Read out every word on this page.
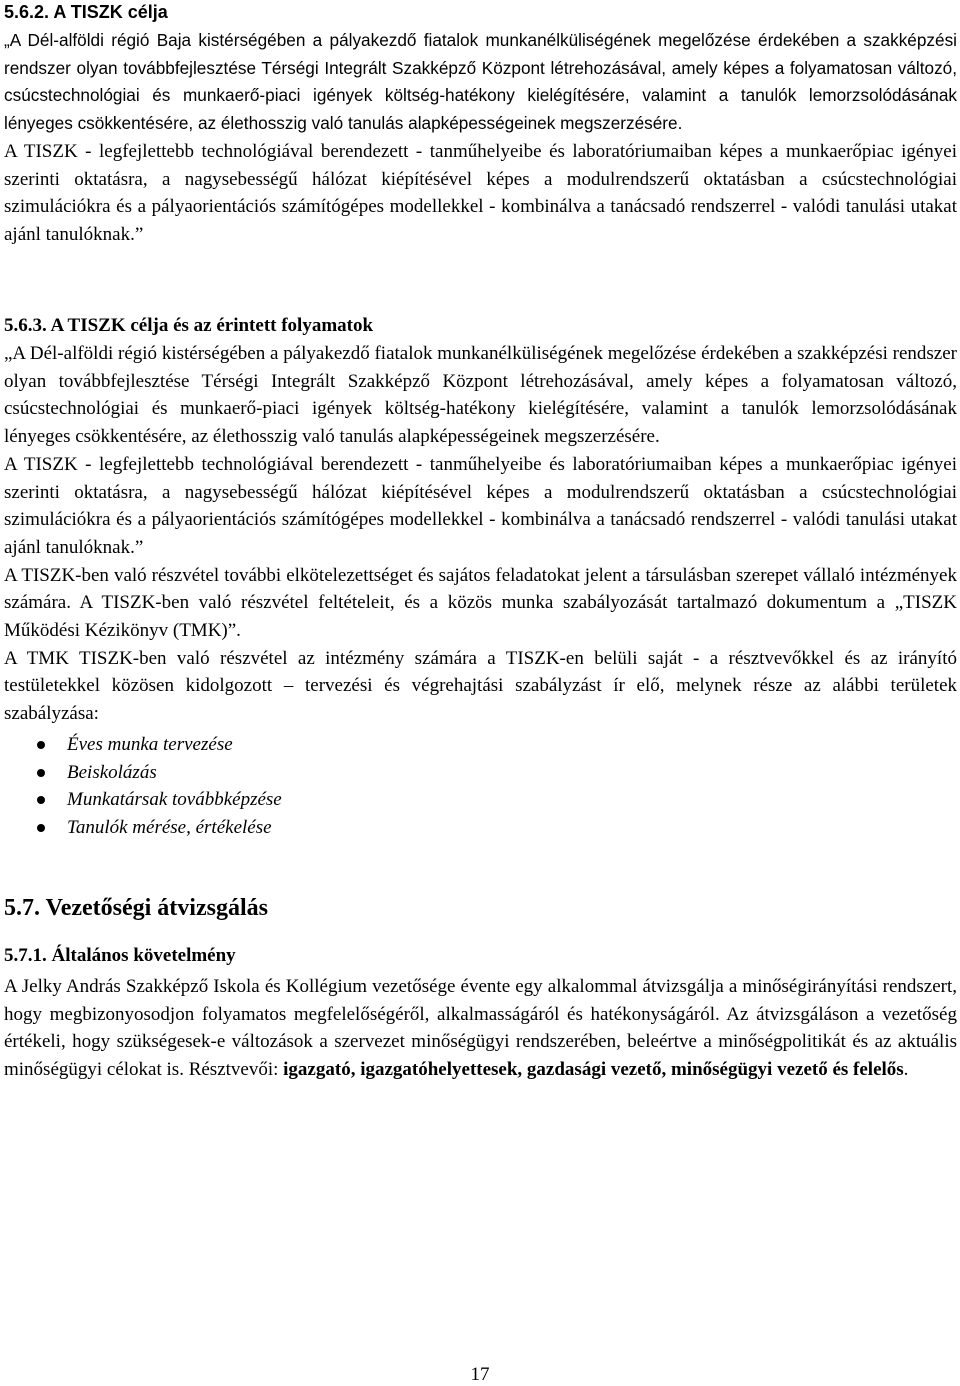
5.6.2. A TISZK célja

„A Dél-alföldi régió Baja kistérségében a pályakezdő fiatalok munkanélküliségének megelőzése érdekében a szakképzési rendszer olyan továbbfejlesztése Térségi Integrált Szakképző Központ létrehozásával, amely képes a folyamatosan változó, csúcstechnológiai és munkaerő-piaci igények költség-hatékony kielégítésére, valamint a tanulók lemorzsolódásának lényeges csökkentésére, az élethosszig való tanulás alapképességeinek megszerzésére.

A TISZK - legfejlettebb technológiával berendezett - tanműhelyeibe és laboratóriumaiban képes a munkaerőpiac igényei szerinti oktatásra, a nagysebességű hálózat kiépítésével képes a modulrendszerű oktatásban a csúcstechnológiai szimulációkra és a pályaorientációs számítógépes modellekkel - kombinálva a tanácsadó rendszerrel - valódi tanulási utakat ajánl tanulóknak.”

5.6.3. A TISZK célja és az érintett folyamatok

„A Dél-alföldi régió kistérségében a pályakezdő fiatalok munkanélküliségének megelőzése érdekében a szakképzési rendszer olyan továbbfejlesztése Térségi Integrált Szakképző Központ létrehozásával, amely képes a folyamatosan változó, csúcstechnológiai és munkaerő-piaci igények költség-hatékony kielégítésére, valamint a tanulók lemorzsolódásának lényeges csökkentésére, az élethosszig való tanulás alapképességeinek megszerzésére.

A TISZK - legfejlettebb technológiával berendezett - tanműhelyeibe és laboratóriumaiban képes a munkaerőpiac igényei szerinti oktatásra, a nagysebességű hálózat kiépítésével képes a modulrendszerű oktatásban a csúcstechnológiai szimulációkra és a pályaorientációs számítógépes modellekkel - kombinálva a tanácsadó rendszerrel - valódi tanulási utakat ajánl tanulóknak.”

A TISZK-ben való részvétel további elkötelezettséget és sajátos feladatokat jelent a társulásban szerepet vállaló intézmények számára. A TISZK-ben való részvétel feltételeit, és a közös munka szabályozását tartalmazó dokumentum a „TISZK Működési Kézikönyv (TMK)”.

A TMK TISZK-ben való részvétel az intézmény számára a TISZK-en belüli saját - a résztvevőkkel és az irányító testületekkel közösen kidolgozott – tervezési és végrehajtási szabályzást ír elő, melynek része az alábbi területek szabályzása:

Éves munka tervezése
Beiskolázás
Munkatársak továbbképzése
Tanulók mérése, értékelése
5.7. Vezetőségi átvizsgálás
5.7.1. Általános követelmény

A Jelky András Szakképző Iskola és Kollégium vezetősége évente egy alkalommal átvizsgálja a minőségirányítási rendszert, hogy megbizonyosodjon folyamatos megfelelőségéről, alkalmasságáról és hatékonyságáról. Az átvizsgáláson a vezetőség értékeli, hogy szükségesek-e változások a szervezet minőségügyi rendszerében, beleértve a minőségpolitikát és az aktuális minőségügyi célokat is. Résztvevői: igazgató, igazgatóhelyettesek, gazdasági vezető, minőségügyi vezető és felelős.

17
